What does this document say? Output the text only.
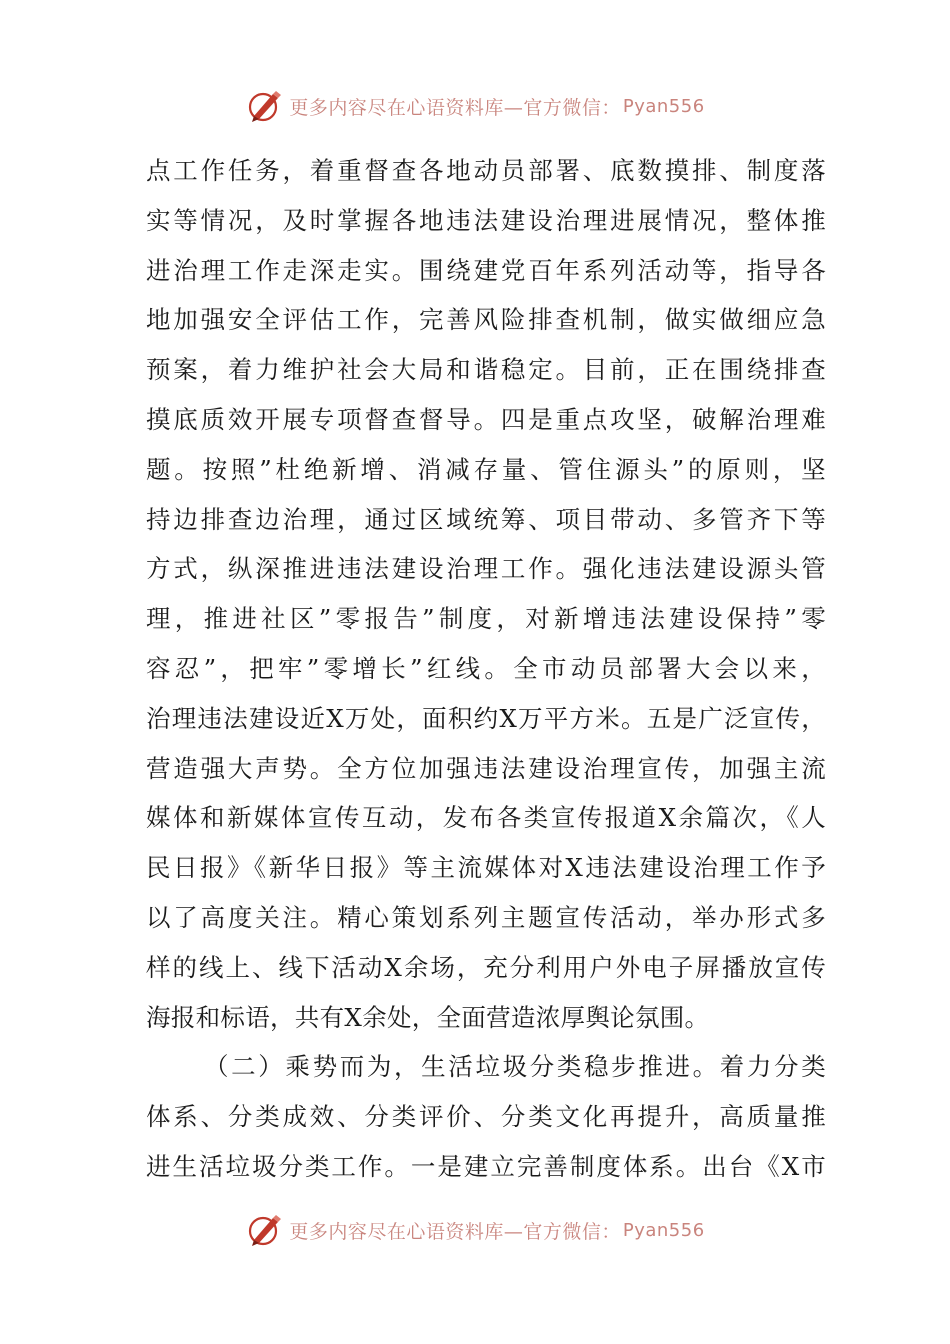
更多内容尽在心语资料库—官方微信： Pyan556
点工作任务，着重督查各地动员部署、底数摸排、制度落
实等情况，及时掌握各地违法建设治理进展情况，整体推
进治理工作走深走实。围绕建党百年系列活动等，指导各
地加强安全评估工作，完善风险排查机制，做实做细应急
预案，着力维护社会大局和谐稳定。目前，正在围绕排查
摸底质效开展专项督查督导。四是重点攻坚，破解治理难
题。按照”杜绝新增、消减存量、管住源头”的原则，坚
持边排查边治理，通过区域统筹、项目带动、多管齐下等
方式，纵深推进违法建设治理工作。强化违法建设源头管
理，推进社区”零报告”制度，对新增违法建设保持”零
容忍”，把牢”零增长”红线。全市动员部署大会以来，
治理违法建设近X万处，面积约X万平方米。五是广泛宣传，
营造强大声势。全方位加强违法建设治理宣传，加强主流
媒体和新媒体宣传互动，发布各类宣传报道X余篇次，《人
民日报》《新华日报》等主流媒体对X违法建设治理工作予
以了高度关注。精心策划系列主题宣传活动，举办形式多
样的线上、线下活动X余场，充分利用户外电子屏播放宣传
海报和标语，共有X余处，全面营造浓厚舆论氛围。
（二）乘势而为，生活垃圾分类稳步推进。着力分类
体系、分类成效、分类评价、分类文化再提升，高质量推
进生活垃圾分类工作。一是建立完善制度体系。出台《X市
更多内容尽在心语资料库—官方微信： Pyan556
